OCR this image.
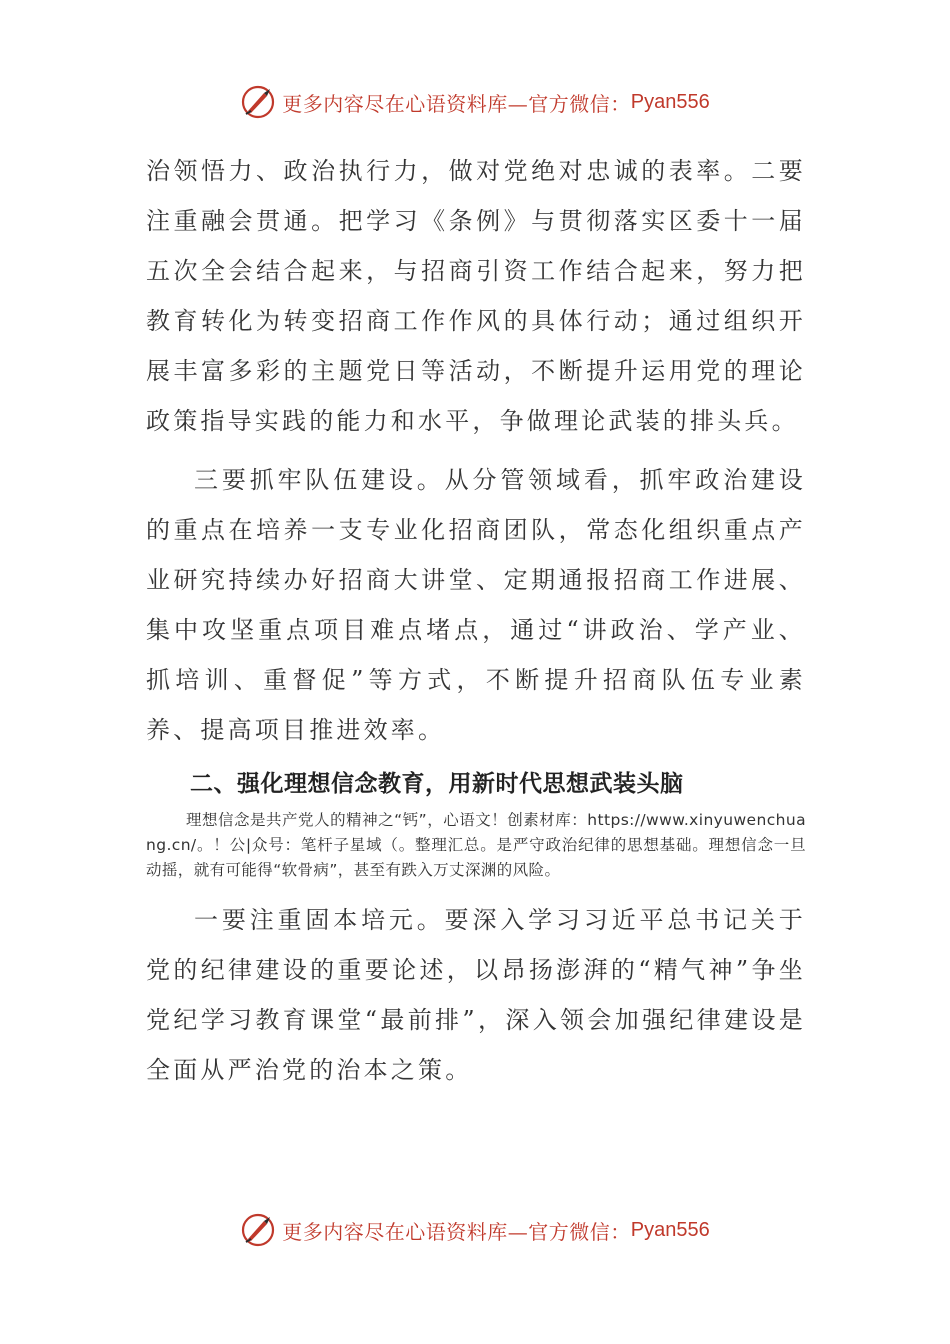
更多内容尽在心语资料库—官方微信： Pyan556

治领悟力、政治执行力，做对党绝对忠诚的表率。二要注重融会贯通。把学习《条例》与贯彻落实区委十一届五次全会结合起来，与招商引资工作结合起来，努力把教育转化为转变招商工作作风的具体行动；通过组织开展丰富多彩的主题党日等活动，不断提升运用党的理论政策指导实践的能力和水平，争做理论武装的排头兵。

三要抓牢队伍建设。从分管领域看，抓牢政治建设的重点在培养一支专业化招商团队，常态化组织重点产业研究持续办好招商大讲堂、定期通报招商工作进展、集中攻坚重点项目难点堵点，通过“讲政治、学产业、抓培训、重督促”等方式，不断提升招商队伍专业素养、提高项目推进效率。

二、强化理想信念教育，用新时代思想武装头脑

理想信念是共产党人的精神之“钙”，心语文！创素材库：https://www.xinyuwenchuang.cn/。！公|众号：笔杆子星域（。整理汇总。是严守政治纪律的思想基础。理想信念一旦动摇，就有可能得“软骨病”，甚至有跌入万丈深渊的风险。

一要注重固本培元。要深入学习习近平总书记关于党的纪律建设的重要论述，以昂扬澎湃的“精气神”争坐党纪学习教育课堂“最前排”，深入领会加强纪律建设是全面从严治党的治本之策。

更多内容尽在心语资料库—官方微信： Pyan556
